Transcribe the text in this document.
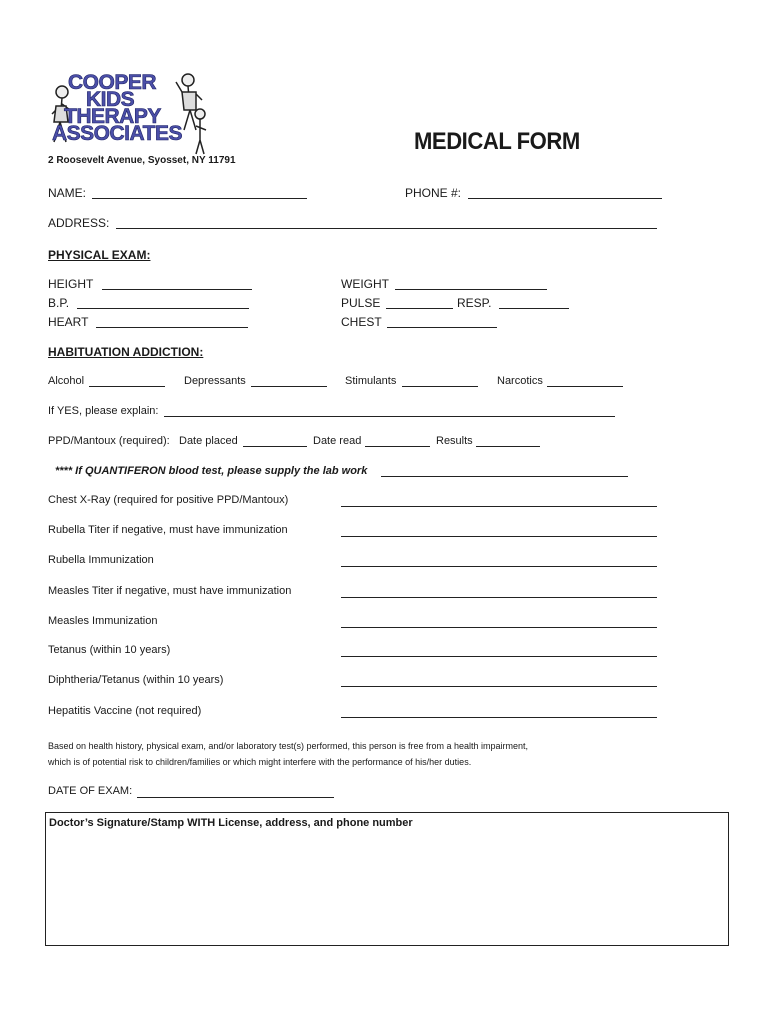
COOPER
KIDS
THERAPY
ASSOCIATES
2 Roosevelt Avenue, Syosset, NY 11791
MEDICAL FORM
NAME:	PHONE #:
ADDRESS:
PHYSICAL EXAM:
HEIGHT	WEIGHT
B.P.	PULSE	RESP.
HEART	CHEST
HABITUATION ADDICTION:
Alcohol	Depressants	Stimulants	Narcotics
If YES, please explain:
PPD/Mantoux (required): Date placed	Date read	Results
**** If QUANTIFERON blood test, please supply the lab work
Chest X-Ray (required for positive PPD/Mantoux)
Rubella Titer if negative, must have immunization
Rubella Immunization
Measles Titer if negative, must have immunization
Measles Immunization
Tetanus (within 10 years)
Diphtheria/Tetanus (within 10 years)
Hepatitis Vaccine (not required)
Based on health history, physical exam, and/or laboratory test(s) performed, this person is free from a health impairment,
which is of potential risk to children/families or which might interfere with the performance of his/her duties.
DATE OF EXAM:
Doctor’s Signature/Stamp WITH License, address, and phone number
